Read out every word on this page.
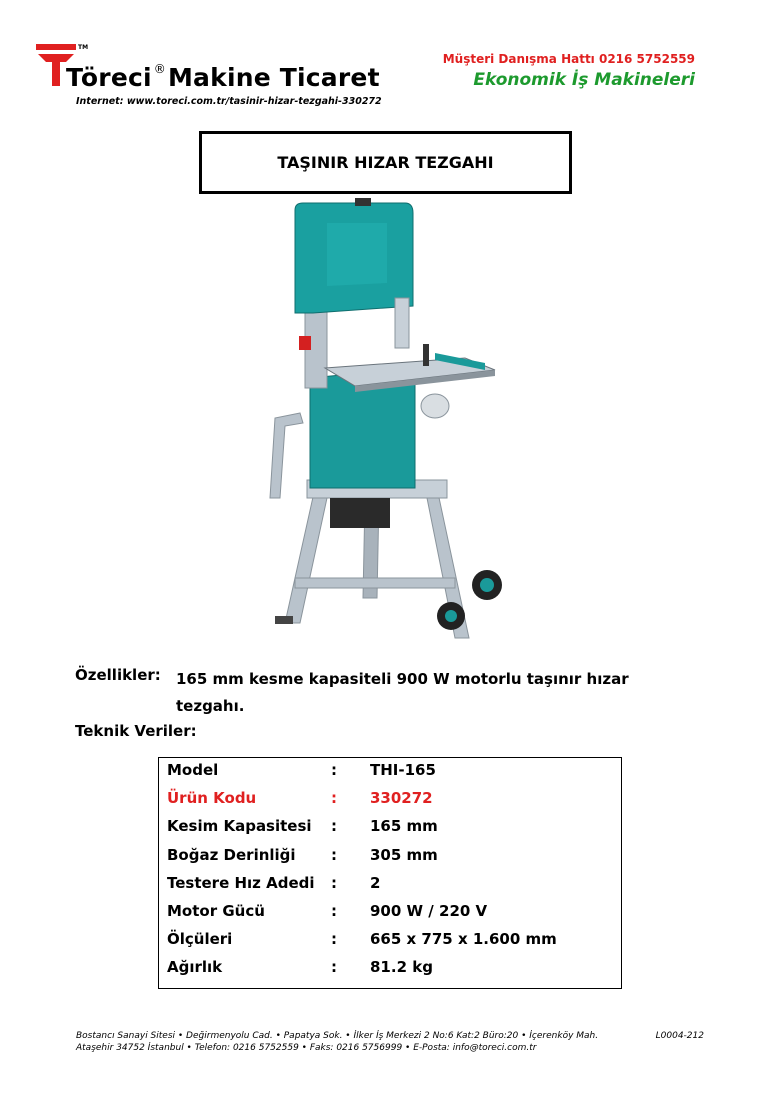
TM
Töreci ®Makine Ticaret
Internet: www.toreci.com.tr/tasinir-hizar-tezgahi-330272
Müşteri Danışma Hattı 0216 5752559
Ekonomik İş Makineleri
TAŞINIR HIZAR TEZGAHI
Özellikler: 165 mm kesme kapasiteli 900 W motorlu taşınır hızar tezgahı.
Teknik Veriler:
Model	: THI-165
Ürün Kodu	: 330272
Kesim Kapasitesi : 165 mm
Boğaz Derinliği : 305 mm
Testere Hız Adedi : 2
Motor Gücü	: 900 W / 220 V
Ölçüleri	: 665 x 775 x 1.600 mm
Ağırlık	: 81.2 kg
Bostancı Sanayi Sitesi • Değirmenyolu Cad. • Papatya Sok. • İlker İş Merkezi 2 No:6 Kat:2 Büro:20 • İçerenköy Mah.
Ataşehir 34752 İstanbul • Telefon: 0216 5752559 • Faks: 0216 5756999 • E-Posta: info@toreci.com.tr
L0004-212
